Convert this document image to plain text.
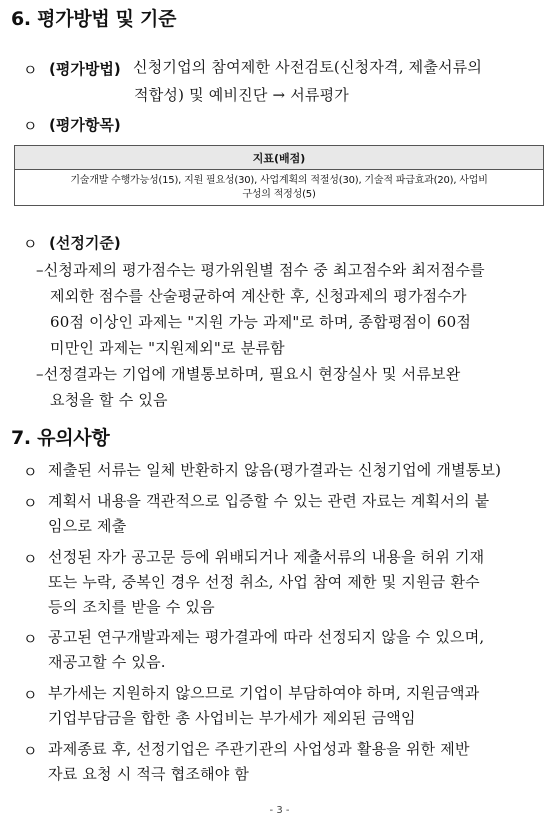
6. 평가방법 및 기준
ㅇ (평가방법) 신청기업의 참여제한 사전검토(신청자격, 제출서류의
적합성) 및 예비진단 → 서류평가
ㅇ (평가항목)
지표(배점)

기술개발 수행가능성(15), 지원 필요성(30), 사업계획의 적절성(30), 기술적 파급효과(20), 사업비
구성의 적정성(5)
ㅇ (선정기준)
–신청과제의 평가점수는 평가위원별 점수 중 최고점수와 최저점수를
제외한 점수를 산술평균하여 계산한 후, 신청과제의 평가점수가
60점 이상인 과제는 "지원 가능 과제"로 하며, 종합평점이 60점
미만인 과제는 "지원제외"로 분류함
–선정결과는 기업에 개별통보하며, 필요시 현장실사 및 서류보완
요청을 할 수 있음
7. 유의사항
ㅇ 제출된 서류는 일체 반환하지 않음(평가결과는 신청기업에 개별통보)
ㅇ 계획서 내용을 객관적으로 입증할 수 있는 관련 자료는 계획서의 붙
임으로 제출
ㅇ 선정된 자가 공고문 등에 위배되거나 제출서류의 내용을 허위 기재
또는 누락, 중복인 경우 선정 취소, 사업 참여 제한 및 지원금 환수
등의 조치를 받을 수 있음
ㅇ 공고된 연구개발과제는 평가결과에 따라 선정되지 않을 수 있으며,
재공고할 수 있음.
ㅇ 부가세는 지원하지 않으므로 기업이 부담하여야 하며, 지원금액과
기업부담금을 합한 총 사업비는 부가세가 제외된 금액임
ㅇ 과제종료 후, 선정기업은 주관기관의 사업성과 활용을 위한 제반
자료 요청 시 적극 협조해야 함
- 3 -
